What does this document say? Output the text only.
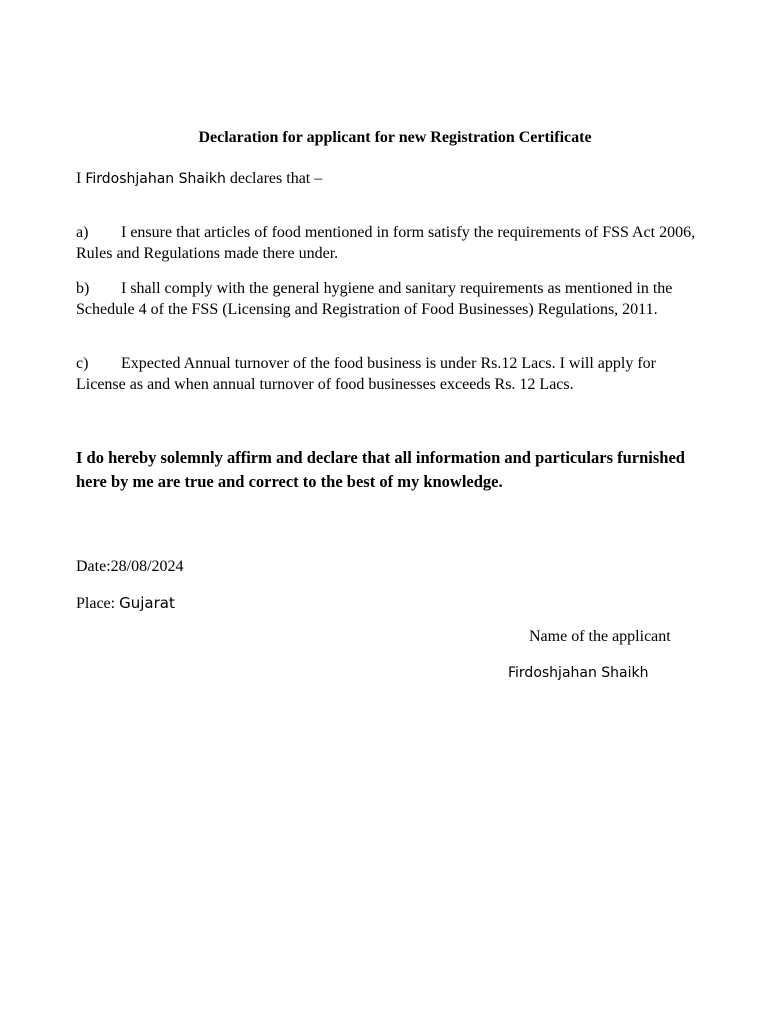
Declaration for applicant for new Registration Certificate

I Firdoshjahan Shaikh declares that –

a) I ensure that articles of food mentioned in form satisfy the requirements of FSS Act 2006, Rules and Regulations made there under.

b) I shall comply with the general hygiene and sanitary requirements as mentioned in the Schedule 4 of the FSS (Licensing and Registration of Food Businesses) Regulations, 2011.

c) Expected Annual turnover of the food business is under Rs.12 Lacs. I will apply for License as and when annual turnover of food businesses exceeds Rs. 12 Lacs.

I do hereby solemnly affirm and declare that all information and particulars furnished here by me are true and correct to the best of my knowledge.

Date:28/08/2024

Place: Gujarat

Name of the applicant

Firdoshjahan Shaikh
